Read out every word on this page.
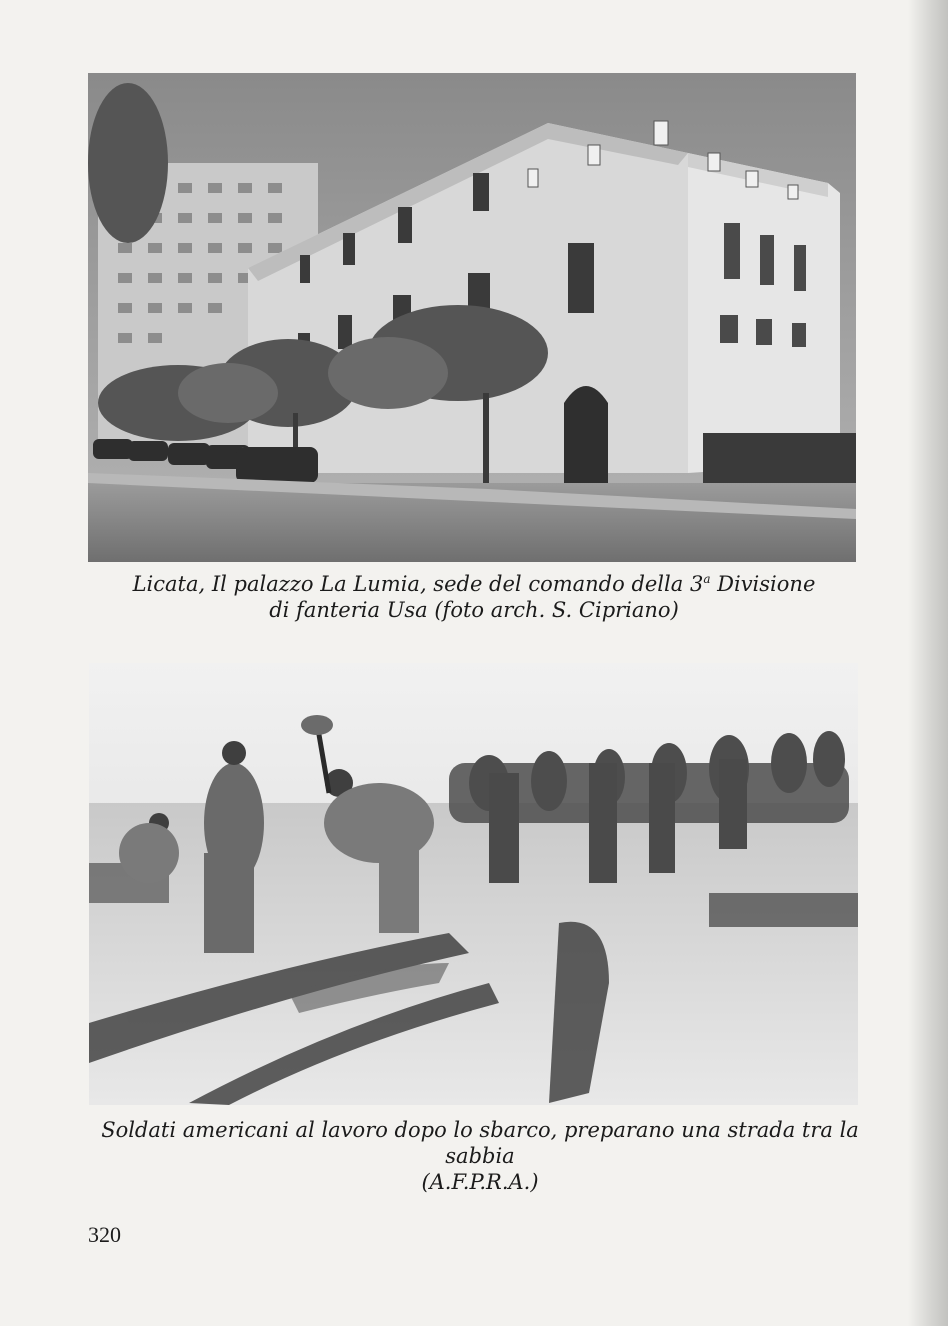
Licata, Il palazzo La Lumia, sede del comando della 3$^a$ Divisione
di fanteria Usa (foto arch. S. Cipriano)
Soldati americani al lavoro dopo lo sbarco, preparano una strada tra la sabbia
(A.F.P.R.A.)
320
